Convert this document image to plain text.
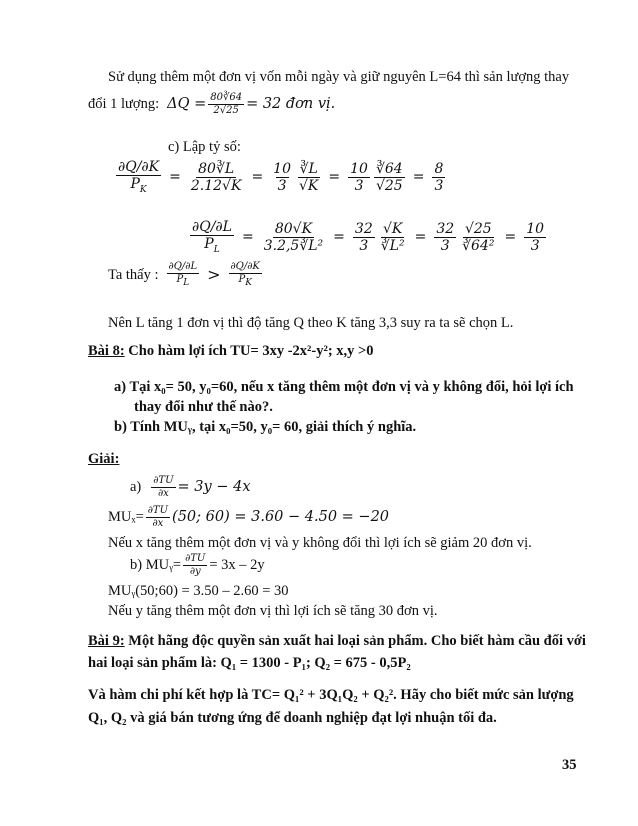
Sử dụng thêm một đơn vị vốn mỗi ngày và giữ nguyên L=64 thì sản lượng thay
đổi 1 lượng: $\Delta Q = \frac{80∛64}{2√25} = 32$ đơn vị.
c) Lập tỷ số:
$\frac{\partial Q/\partial K}{P_K} = \frac{80∛L}{2.12√K} = \frac{10}{3} \frac{∛L}{√K} = \frac{10}{3} \frac{∛64}{√25} = \frac{8}{3}$
$\frac{\partial Q/\partial L}{P_L} = \frac{80√K}{\text{3.2,5∛L²}} = \frac{32}{3} \frac{√K}{\text{∛L²}} = \frac{32}{3} \frac{√25}{\text{∛64²}} = \frac{10}{3}$
Ta thấy : $\frac{\partial Q/\partial L}{P_L} > \frac{\partial Q/\partial K}{P_K}$
Nên L tăng 1 đơn vị thì độ tăng Q theo K tăng 3,3 suy ra ta sẽ chọn L.
Bài 8: Cho hàm lợi ích TU= 3xy -2x²-y²; x,y >0
a) Tại x₀= 50, y₀=60, nếu x tăng thêm một đơn vị và y không đổi, hỏi lợi ích
thay đổi như thế nào?.
b) Tính MUᵧ, tại x₀=50, y₀= 60, giải thích ý nghĩa.
Giải:
$a) \frac{\partial TU}{\partial x} = 3y - 4x$
$MU_x= \frac{\partial TU}{\partial x} (50$; 60) = 3.60 − 4.50 = −20
Nếu x tăng thêm một đơn vị và y không đổi thì lợi ích sẽ giảm 20 đơn vị.
b) MUᵧ= $\frac{\partial TU}{\partial y} = 3x - 2y$
MUᵧ(50;60) = 3.50 – 2.60 = 30
Nếu y tăng thêm một đơn vị thì lợi ích sẽ tăng 30 đơn vị.
Bài 9: Một hãng độc quyền sản xuất hai loại sản phẩm. Cho biết hàm cầu đối với
hai loại sản phẩm là: Q₁ = 1300 - P₁; Q₂ = 675 - 0,5P₂
Và hàm chi phí kết hợp là TC= Q₁² + 3Q₁Q₂ + Q₂². Hãy cho biết mức sản lượng
Q₁, Q₂ và giá bán tương ứng để doanh nghiệp đạt lợi nhuận tối đa.
35
